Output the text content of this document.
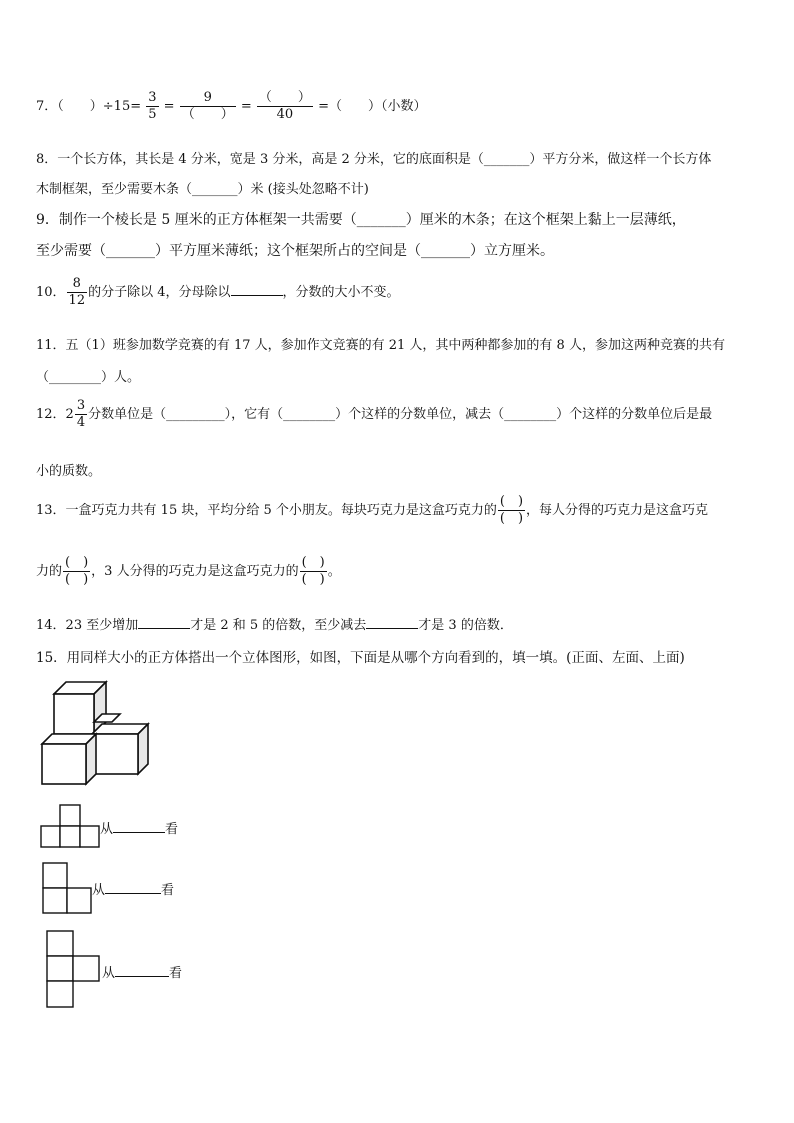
7．（ ）$\div 15= \frac{3}{5} = \frac{9}{( )} = \frac{( )}{40}$ =（　　）（小数）
8．一个长方体，其长是 4 分米，宽是 3 分米，高是 2 分米，它的底面积是（_______）平方分米，做这样一个长方体
木制框架，至少需要木条（_______）米 (接头处忽略不计)
9．制作一个棱长是 5 厘米的正方体框架一共需要（_______）厘米的木条；在这个框架上黏上一层薄纸，
至少需要（_______）平方厘米薄纸；这个框架所占的空间是（_______）立方厘米。
10． $\frac{8}{12}$ 的分子除以 4，分母除以	，分数的大小不变。
11．五（1）班参加数学竞赛的有 17 人，参加作文竞赛的有 21 人，其中两种都参加的有 8 人，参加这两种竞赛的共有
（________）人。
12．$2 \frac{3}{4}$ 分数单位是（_________），它有（________）个这样的分数单位，减去（________）个这样的分数单位后是最
小的质数。
13．一盒巧克力共有 15 块，平均分给 5 个小朋友。每块巧克力是这盒巧克力的 $\frac{( )}{( )}$ ，每人分得的巧克力是这盒巧克
力的 $\frac{( )}{( )}$ ，3 人分得的巧克力是这盒巧克力的 $\frac{( )}{( )}$ 。
14．23 至少增加	才是 2 和 5 的倍数，至少减去	才是 3 的倍数．
15．用同样大小的正方体搭出一个立体图形，如图，下面是从哪个方向看到的，填一填。(正面、左面、上面)
从	看
从	看
从	看
